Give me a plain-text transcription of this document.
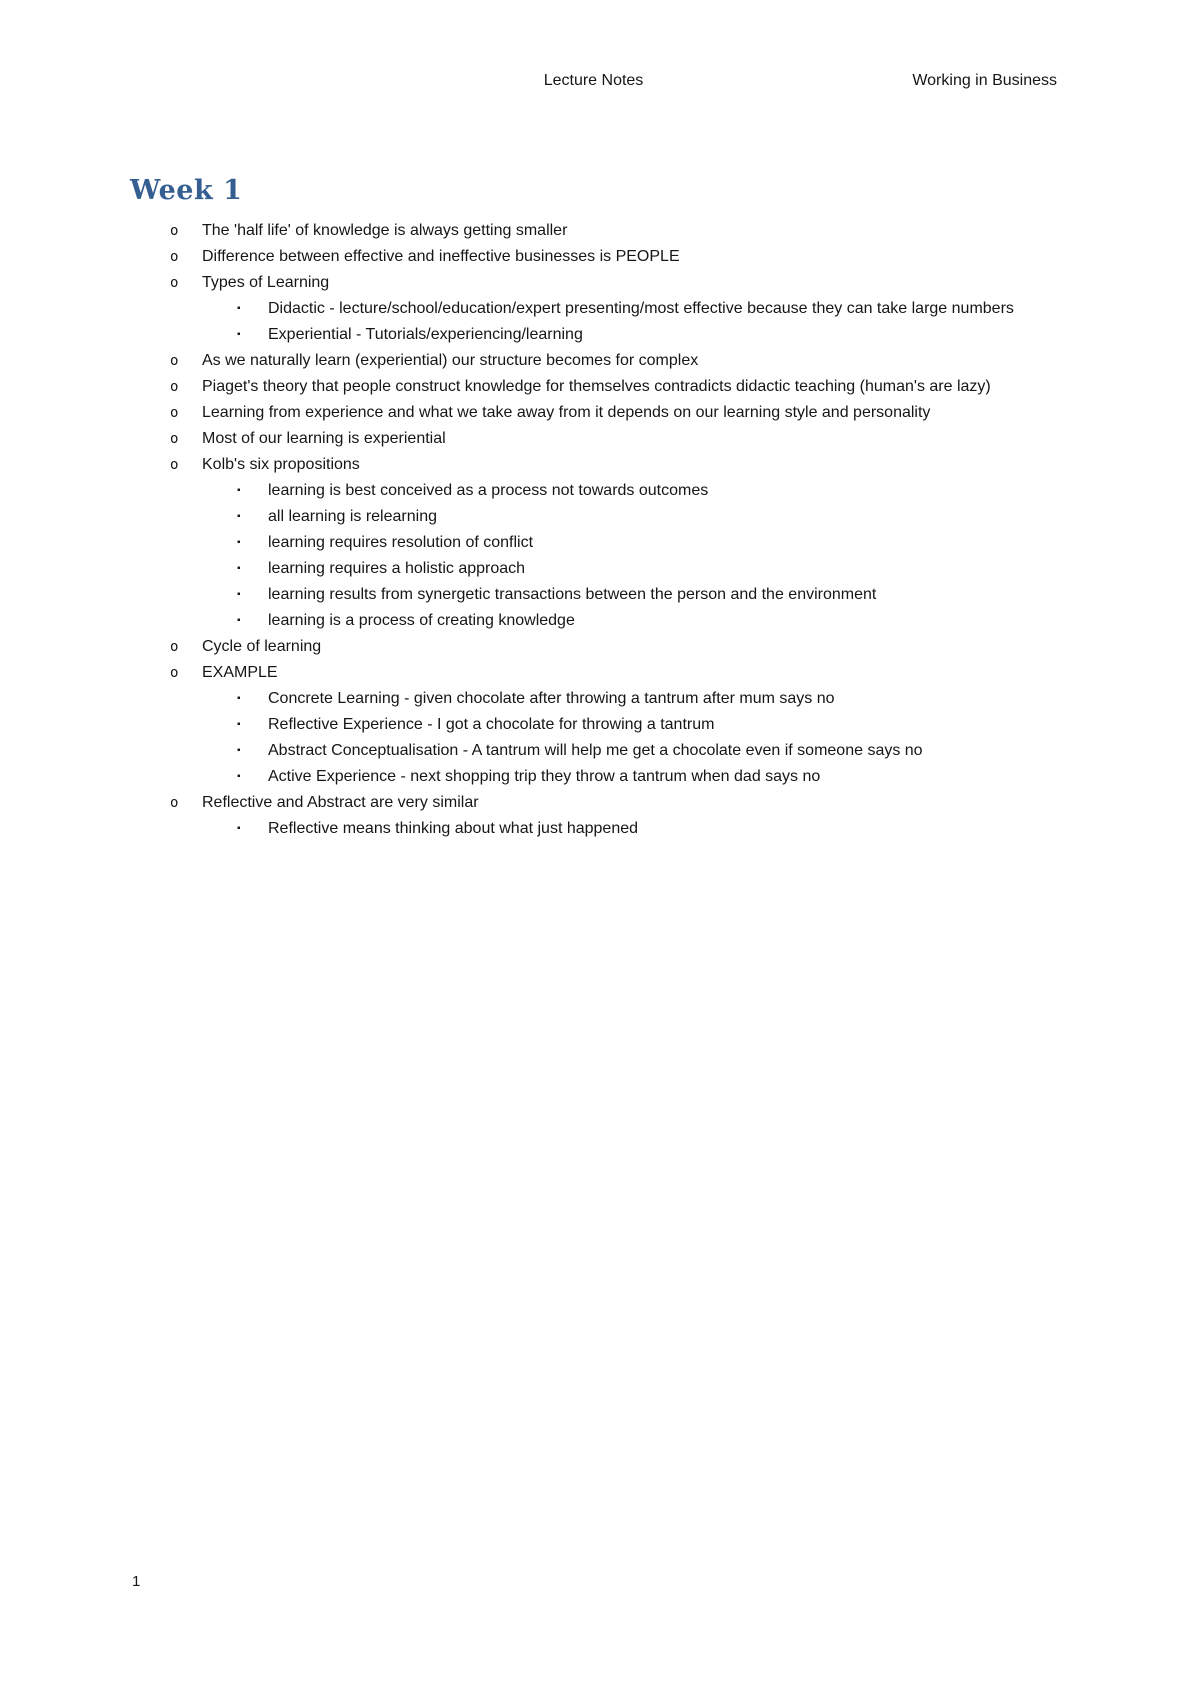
Lecture Notes	Working in Business
Week 1
o	The 'half life' of knowledge is always getting smaller
o	Difference between effective and ineffective businesses is PEOPLE
o	Types of Learning
▪	Didactic - lecture/school/education/expert presenting/most effective because they can take large numbers
▪	Experiential - Tutorials/experiencing/learning
o	As we naturally learn (experiential) our structure becomes for complex
o	Piaget's theory that people construct knowledge for themselves contradicts didactic teaching (human's are lazy)
o	Learning from experience and what we take away from it depends on our learning style and personality
o	Most of our learning is experiential
o	Kolb's six propositions
▪	learning is best conceived as a process not towards outcomes
▪	all learning is relearning
▪	learning requires resolution of conflict
▪	learning requires a holistic approach
▪	learning results from synergetic transactions between the person and the environment
▪	learning is a process of creating knowledge
o	Cycle of learning
o	EXAMPLE
▪	Concrete Learning - given chocolate after throwing a tantrum after mum says no
▪	Reflective Experience - I got a chocolate for throwing a tantrum
▪	Abstract Conceptualisation - A tantrum will help me get a chocolate even if someone says no
▪	Active Experience - next shopping trip they throw a tantrum when dad says no
o	Reflective and Abstract are very similar
▪	Reflective means thinking about what just happened
1
